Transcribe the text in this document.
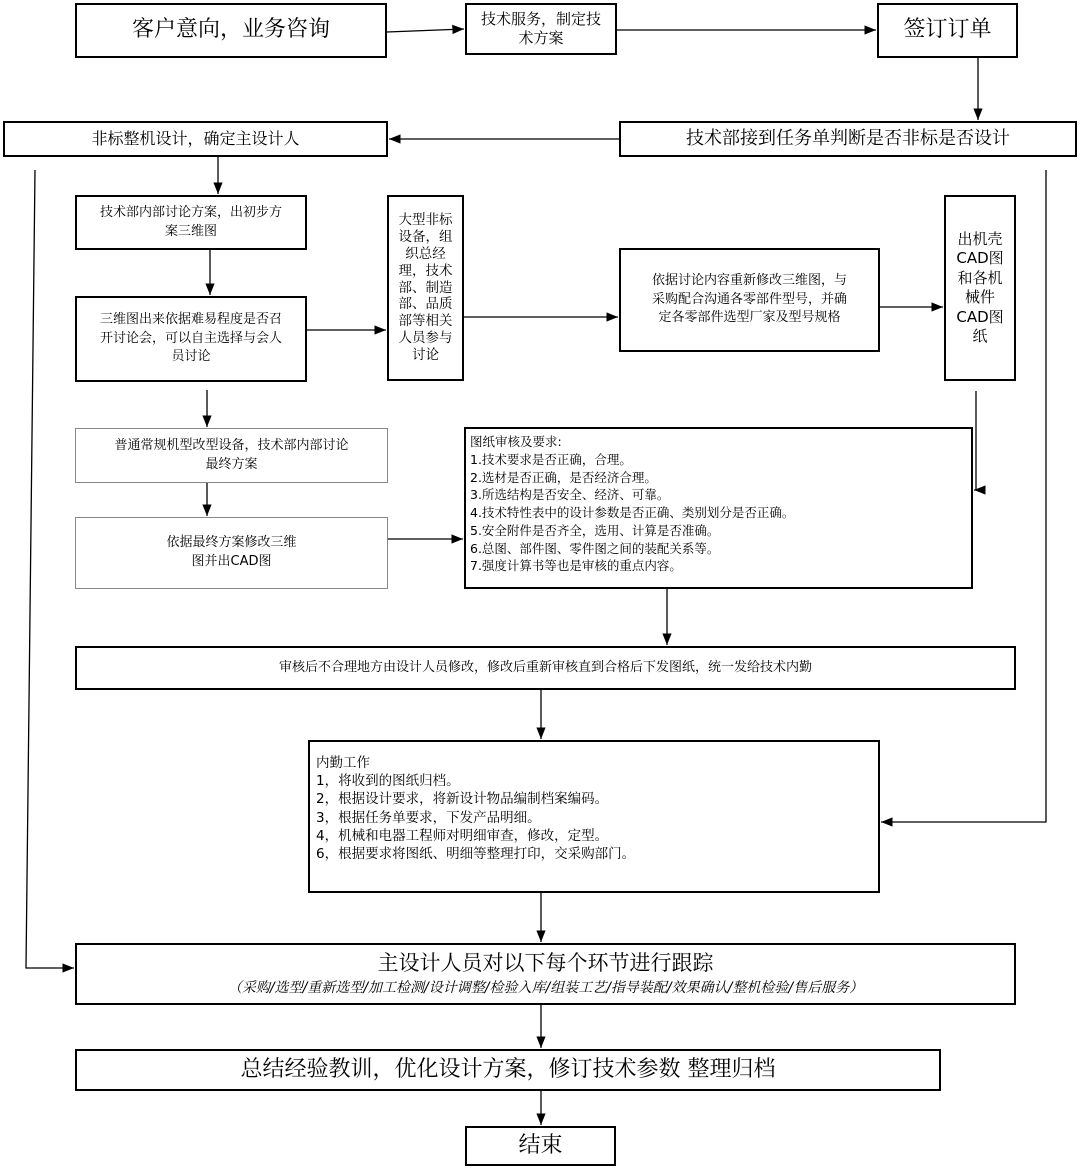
客户意向，业务咨询	技术服务，制定技
术方案	签订订单
非标整机设计，确定主设计人	技术部接到任务单判断是否非标是否设计
技术部内部讨论方案，出初步方
案三维图
大型非标
设备，组
织总经
理，技术
部、制造
部、品质
部等相关
人员参与
讨论
依据讨论内容重新修改三维图，与
采购配合沟通各零部件型号，并确
定各零部件选型厂家及型号规格
出机壳
CAD图
和各机
械件
CAD图
纸
三维图出来依据难易程度是否召
开讨论会，可以自主选择与会人
员讨论
普通常规机型改型设备，技术部内部讨论
最终方案
依据最终方案修改三维
图并出CAD图
图纸审核及要求:
1.技术要求是否正确，合理。
2.选材是否正确，是否经济合理。
3.所选结构是否安全、经济、可靠。
4.技术特性表中的设计参数是否正确、类别划分是否正确。
5.安全附件是否齐全，选用、计算是否准确。
6.总图、部件图、零件图之间的装配关系等。
7.强度计算书等也是审核的重点内容。
审核后不合理地方由设计人员修改，修改后重新审核直到合格后下发图纸，统一发给技术内勤
内勤工作
1，将收到的图纸归档。
2，根据设计要求，将新设计物品编制档案编码。
3，根据任务单要求，下发产品明细。
4，机械和电器工程师对明细审查，修改，定型。
6，根据要求将图纸、明细等整理打印，交采购部门。
主设计人员对以下每个环节进行跟踪
（采购/选型/重新选型/加工检测/设计调整/检验入库/组装工艺/指导装配/效果确认/整机检验/售后服务）
总结经验教训，优化设计方案，修订技术参数 整理归档
结束
